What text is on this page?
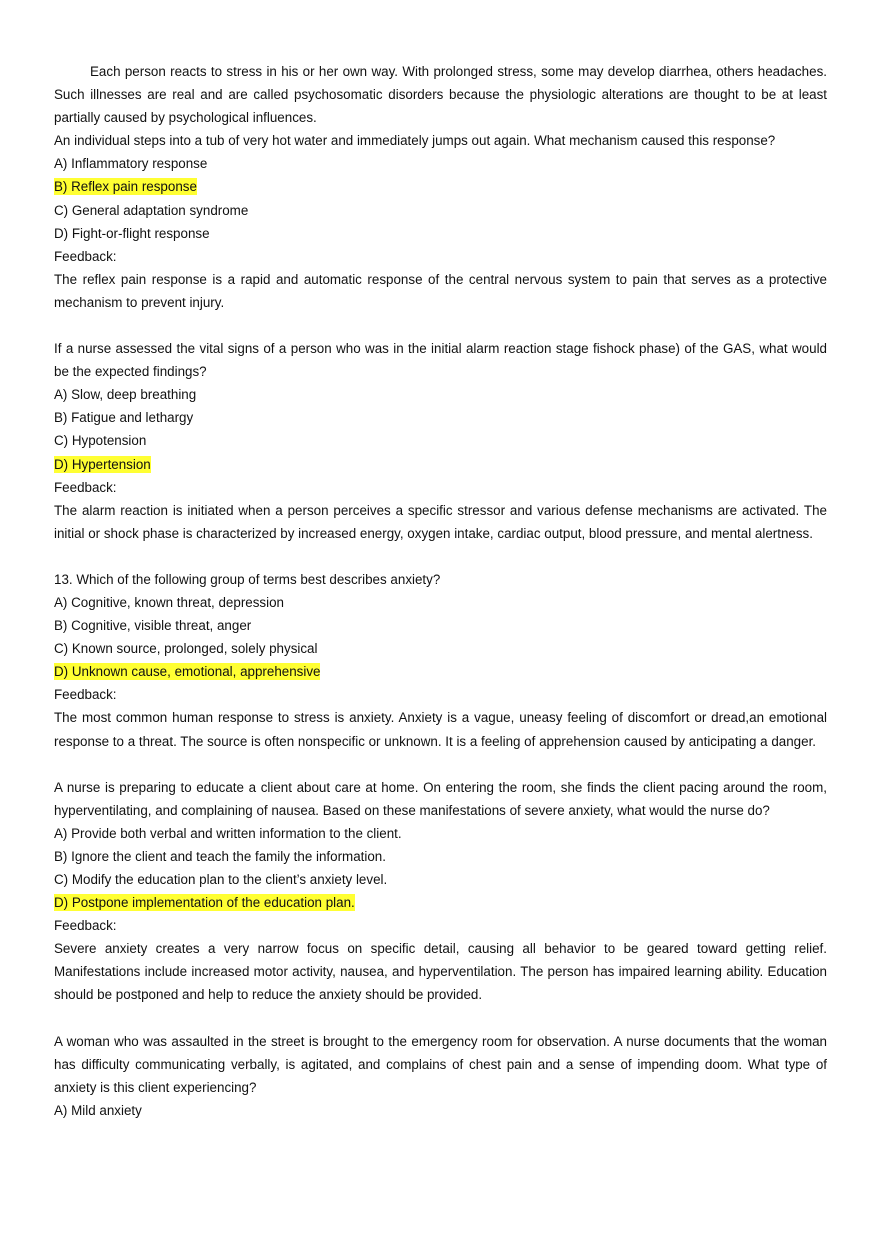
Each person reacts to stress in his or her own way. With prolonged stress, some may develop diarrhea, others headaches. Such illnesses are real and are called psychosomatic disorders because the physiologic alterations are thought to be at least partially caused by psychological influences.

An individual steps into a tub of very hot water and immediately jumps out again. What mechanism caused this response?

A) Inflammatory response

B) Reflex pain response

C) General adaptation syndrome

D) Fight-or-flight response

Feedback:

The reflex pain response is a rapid and automatic response of the central nervous system to pain that serves as a protective mechanism to prevent injury.

If a nurse assessed the vital signs of a person who was in the initial alarm reaction stage fishock phase) of the GAS, what would be the expected findings?

A) Slow, deep breathing

B) Fatigue and lethargy

C) Hypotension

D) Hypertension

Feedback:

The alarm reaction is initiated when a person perceives a specific stressor and various defense mechanisms are activated. The initial or shock phase is characterized by increased energy, oxygen intake, cardiac output, blood pressure, and mental alertness.

13. Which of the following group of terms best describes anxiety?

A) Cognitive, known threat, depression

B) Cognitive, visible threat, anger

C) Known source, prolonged, solely physical

D) Unknown cause, emotional, apprehensive

Feedback:

The most common human response to stress is anxiety. Anxiety is a vague, uneasy feeling of discomfort or dread,an emotional response to a threat. The source is often nonspecific or unknown. It is a feeling of apprehension caused by anticipating a danger.

A nurse is preparing to educate a client about care at home. On entering the room, she finds the client pacing around the room, hyperventilating, and complaining of nausea. Based on these manifestations of severe anxiety, what would the nurse do?

A) Provide both verbal and written information to the client.

B) Ignore the client and teach the family the information.

C) Modify the education plan to the client’s anxiety level.

D) Postpone implementation of the education plan.

Feedback:

Severe anxiety creates a very narrow focus on specific detail, causing all behavior to be geared toward getting relief. Manifestations include increased motor activity, nausea, and hyperventilation. The person has impaired learning ability. Education should be postponed and help to reduce the anxiety should be provided.

A woman who was assaulted in the street is brought to the emergency room for observation. A nurse documents that the woman has difficulty communicating verbally, is agitated, and complains of chest pain and a sense of impending doom. What type of anxiety is this client experiencing?

A) Mild anxiety
